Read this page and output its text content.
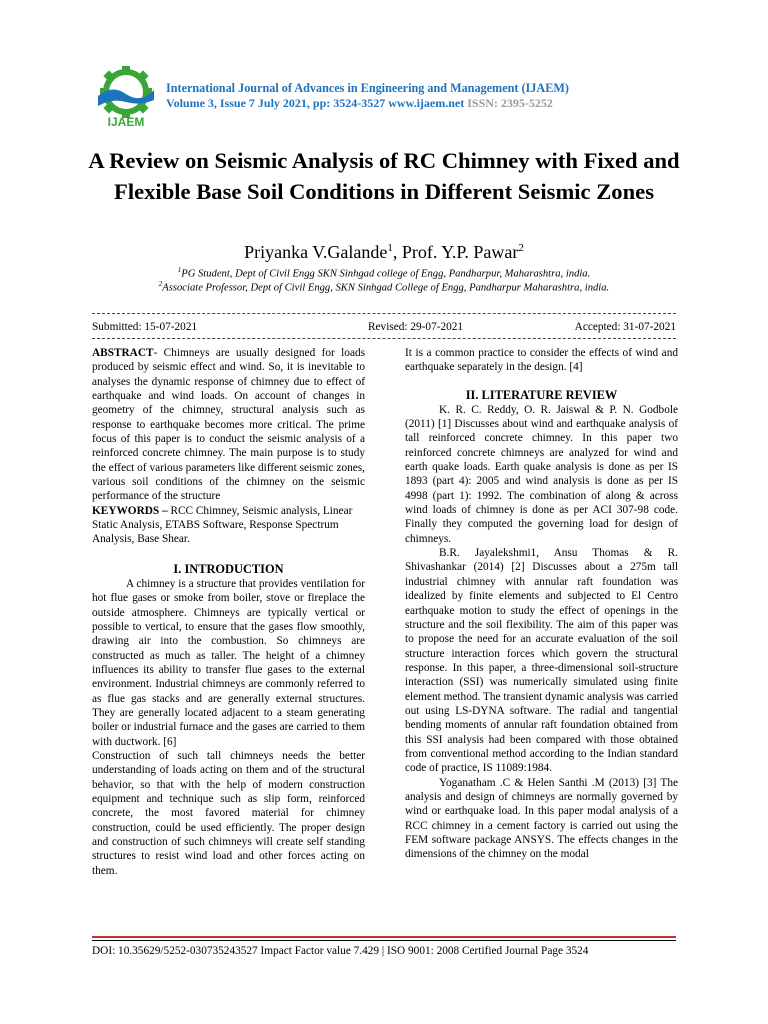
IJAEM
International Journal of Advances in Engineering and Management (IJAEM)
Volume 3, Issue 7 July 2021, pp: 3524-3527 www.ijaem.net ISSN: 2395-5252
A Review on Seismic Analysis of RC Chimney with Fixed and Flexible Base Soil Conditions in Different Seismic Zones
Priyanka V.Galande$^1$, Prof. Y.P. Pawar$^2$
$^1$PG Student, Dept of Civil Engg SKN Sinhgad college of Engg, Pandharpur, Maharashtra, india.
$^2$Associate Professor, Dept of Civil Engg, SKN Sinhgad College of Engg, Pandharpur Maharashtra, india.
Submitted: 15-07-2021	Revised: 29-07-2021	Accepted: 31-07-2021

ABSTRACT- Chimneys are usually designed for loads produced by seismic effect and wind. So, it is inevitable to analyses the dynamic response of chimney due to effect of earthquake and wind loads. On account of changes in geometry of the chimney, structural analysis such as response to earthquake becomes more critical. The prime focus of this paper is to conduct the seismic analysis of a reinforced concrete chimney. The main purpose is to study the effect of various parameters like different seismic zones, various soil conditions of the chimney on the seismic performance of the structure

KEYWORDS – RCC Chimney, Seismic analysis, Linear Static Analysis, ETABS Software, Response Spectrum Analysis, Base Shear.

I. INTRODUCTION

A chimney is a structure that provides ventilation for hot flue gases or smoke from boiler, stove or fireplace the outside atmosphere. Chimneys are typically vertical or possible to vertical, to ensure that the gases flow smoothly, drawing air into the combustion. So chimneys are constructed as much as taller. The height of a chimney influences its ability to transfer flue gases to the external environment. Industrial chimneys are commonly referred to as flue gas stacks and are generally external structures. They are generally located adjacent to a steam generating boiler or industrial furnace and the gases are carried to them with ductwork. [6]

Construction of such tall chimneys needs the better understanding of loads acting on them and of the structural behavior, so that with the help of modern construction equipment and technique such as slip form, reinforced concrete, the most favored material for chimney construction, could be used efficiently. The proper design and construction of such chimneys will create self standing structures to resist wind load and other forces acting on them.

It is a common practice to consider the effects of wind and earthquake separately in the design. [4]

II. LITERATURE REVIEW

K. R. C. Reddy, O. R. Jaiswal & P. N. Godbole (2011) [1] Discusses about wind and earthquake analysis of tall reinforced concrete chimney. In this paper two reinforced concrete chimneys are analyzed for wind and earth quake loads. Earth quake analysis is done as per IS 1893 (part 4): 2005 and wind analysis is done as per IS 4998 (part 1): 1992. The combination of along & across wind loads of chimney is done as per ACI 307-98 code. Finally they computed the governing load for design of chimneys.

B.R. Jayalekshmi1, Ansu Thomas & R. Shivashankar (2014) [2] Discusses about a 275m tall industrial chimney with annular raft foundation was idealized by finite elements and subjected to El Centro earthquake motion to study the effect of openings in the structure and the soil flexibility. The aim of this paper was to propose the need for an accurate evaluation of the soil structure interaction forces which govern the structural response. In this paper, a three-dimensional soil-structure interaction (SSI) was numerically simulated using finite element method. The transient dynamic analysis was carried out using LS-DYNA software. The radial and tangential bending moments of annular raft foundation obtained from this SSI analysis had been compared with those obtained from conventional method according to the Indian standard code of practice, IS 11089:1984.

Yoganatham .C & Helen Santhi .M (2013) [3] The analysis and design of chimneys are normally governed by wind or earthquake load. In this paper modal analysis of a RCC chimney in a cement factory is carried out using the FEM software package ANSYS. The effects changes in the dimensions of the chimney on the modal

DOI: 10.35629/5252-030735243527 Impact Factor value 7.429 | ISO 9001: 2008 Certified Journal Page 3524
